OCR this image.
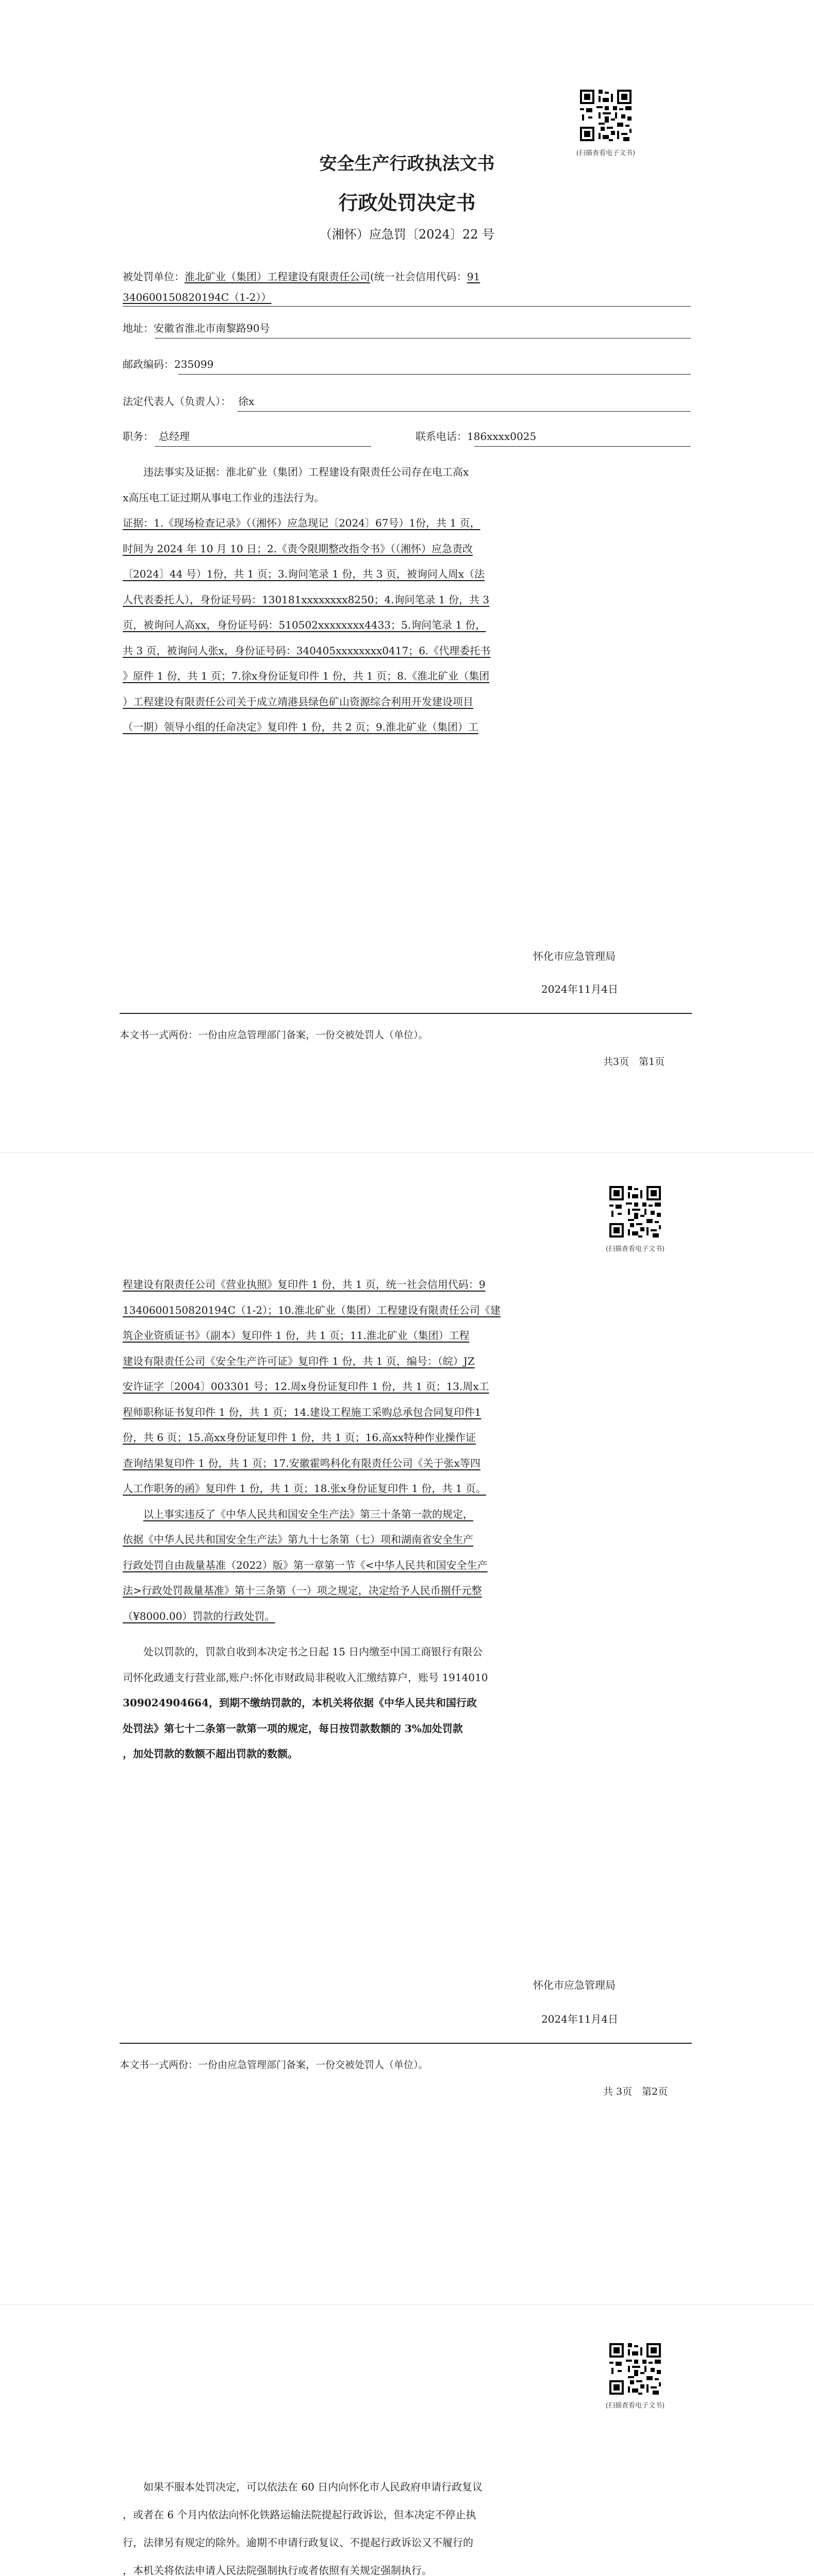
(扫描查看电子文书)
安全生产行政执法文书
行政处罚决定书
（湘怀）应急罚〔2024〕22 号
被处罚单位：淮北矿业（集团）工程建设有限责任公司(统一社会信用代码：91
340600150820194C（1-2））
地址：安徽省淮北市南黎路90号
邮政编码：235099
法定代表人（负责人）： 徐x
职务： 总经理	联系电话：186xxxx0025
违法事实及证据：淮北矿业（集团）工程建设有限责任公司存在电工高x
x高压电工证过期从事电工作业的违法行为。
证据：1.《现场检查记录》（（湘怀）应急现记〔2024〕67号）1份，共 1 页，
时间为 2024 年 10 月 10 日；2.《责令限期整改指令书》（（湘怀）应急责改
〔2024〕44 号）1份，共 1 页；3.询问笔录 1 份，共 3 页，被询问人周x（法
人代表委托人），身份证号码：130181xxxxxxxx8250；4.询问笔录 1 份，共 3
页，被询问人高xx，身份证号码：510502xxxxxxxx4433；5.询问笔录 1 份，
共 3 页，被询问人张x，身份证号码：340405xxxxxxxx0417；6.《代理委托书
》原件 1 份，共 1 页；7.徐x身份证复印件 1 份，共 1 页；8.《淮北矿业（集团
）工程建设有限责任公司关于成立靖港县绿色矿山资源综合利用开发建设项目
（一期）领导小组的任命决定》复印件 1 份，共 2 页；9.淮北矿业（集团）工
怀化市应急管理局
2024年11月4日
本文书一式两份：一份由应急管理部门备案，一份交被处罚人（单位）。
共3页　第1页
(扫描查看电子文书)
程建设有限责任公司《营业执照》复印件 1 份，共 1 页，统一社会信用代码：9
1340600150820194C（1-2）；10.淮北矿业（集团）工程建设有限责任公司《建
筑企业资质证书》（副本）复印件 1 份，共 1 页；11.淮北矿业（集团）工程
建设有限责任公司《安全生产许可证》复印件 1 份，共 1 页，编号：（皖）JZ
安许证字〔2004〕003301 号；12.周x身份证复印件 1 份，共 1 页；13.周x工
程师职称证书复印件 1 份，共 1 页；14.建设工程施工采购总承包合同复印件1
份，共 6 页；15.高xx身份证复印件 1 份，共 1 页；16.高xx特种作业操作证
查询结果复印件 1 份，共 1 页；17.安徽霍鸣科化有限责任公司《关于张x等四
人工作职务的函》复印件 1 份，共 1 页；18.张x身份证复印件 1 份，共 1 页。
以上事实违反了《中华人民共和国安全生产法》第三十条第一款的规定，
依据《中华人民共和国安全生产法》第九十七条第（七）项和湖南省安全生产
行政处罚自由裁量基准（2022）版》第一章第一节《<中华人民共和国安全生产
法>行政处罚裁量基准》第十三条第（一）项之规定，决定给予人民币捌仟元整
（¥8000.00）罚款的行政处罚。
处以罚款的，罚款自收到本决定书之日起 15 日内缴至中国工商银行有限公
司怀化政通支行营业部,账户:怀化市财政局非税收入汇缴结算户，账号 1914010
309024904664，到期不缴纳罚款的，本机关将依据《中华人民共和国行政
处罚法》第七十二条第一款第一项的规定，每日按罚款数额的 3%加处罚款
，加处罚款的数额不超出罚款的数额。
怀化市应急管理局
2024年11月4日
本文书一式两份：一份由应急管理部门备案，一份交被处罚人（单位）。
共 3页　第2页
(扫描查看电子文书)
如果不服本处罚决定，可以依法在 60 日内向怀化市人民政府申请行政复议
，或者在 6 个月内依法向怀化铁路运输法院提起行政诉讼，但本决定不停止执
行，法律另有规定的除外。逾期不申请行政复议、不提起行政诉讼又不履行的
，本机关将依法申请人民法院强制执行或者依照有关规定强制执行。
